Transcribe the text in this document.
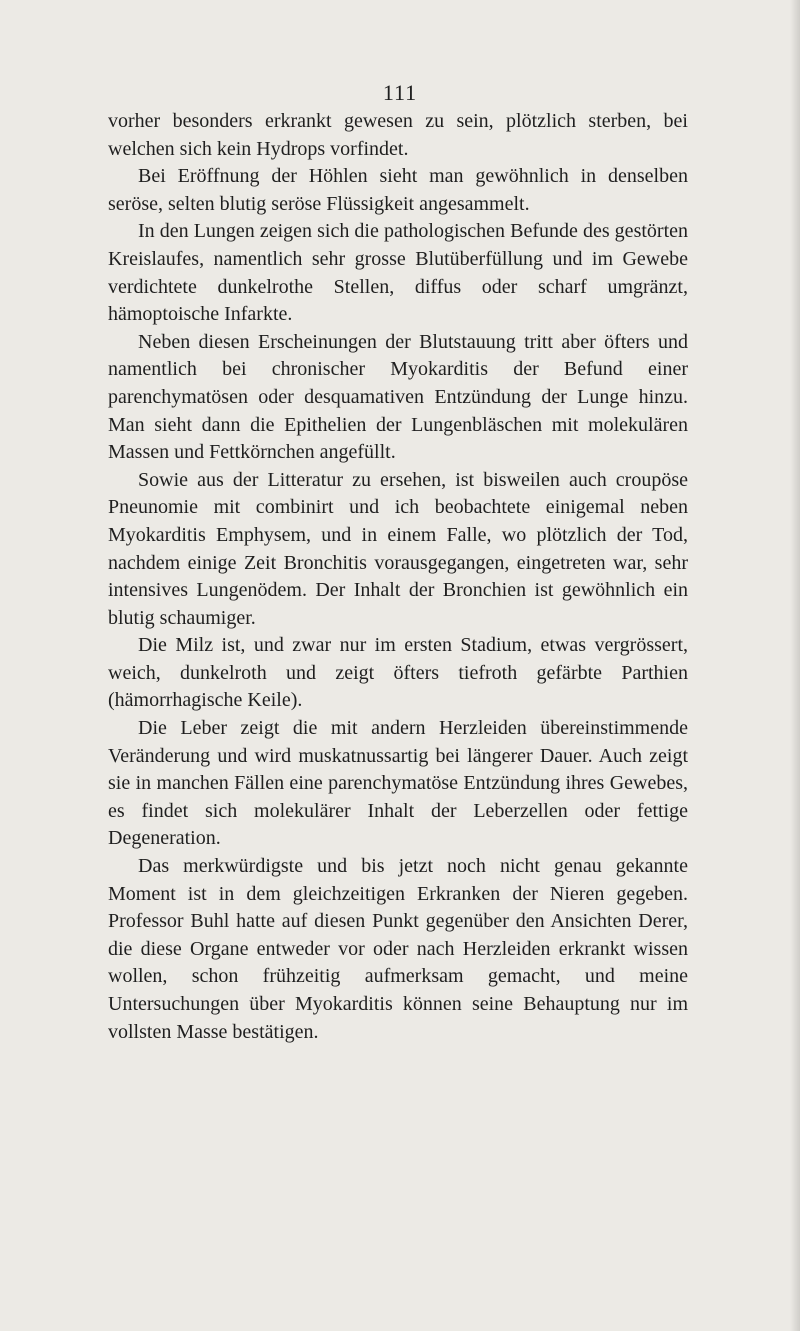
111

vorher besonders erkrankt gewesen zu sein, plötzlich sterben, bei welchen sich kein Hydrops vorfindet.

Bei Eröffnung der Höhlen sieht man gewöhnlich in denselben seröse, selten blutig seröse Flüssigkeit angesammelt.

In den Lungen zeigen sich die pathologischen Befunde des gestörten Kreislaufes, namentlich sehr grosse Blutüberfüllung und im Gewebe verdichtete dunkelrothe Stellen, diffus oder scharf umgränzt, hämoptoische Infarkte.

Neben diesen Erscheinungen der Blutstauung tritt aber öfters und namentlich bei chronischer Myokarditis der Befund einer parenchymatösen oder desquamativen Entzündung der Lunge hinzu. Man sieht dann die Epithelien der Lungenbläschen mit molekulären Massen und Fettkörnchen angefüllt.

Sowie aus der Litteratur zu ersehen, ist bisweilen auch croupöse Pneunomie mit combinirt und ich beobachtete einigemal neben Myokarditis Emphysem, und in einem Falle, wo plötzlich der Tod, nachdem einige Zeit Bronchitis vorausgegangen, eingetreten war, sehr intensives Lungenödem. Der Inhalt der Bronchien ist gewöhnlich ein blutig schaumiger.

Die Milz ist, und zwar nur im ersten Stadium, etwas vergrössert, weich, dunkelroth und zeigt öfters tiefroth gefärbte Parthien (hämorrhagische Keile).

Die Leber zeigt die mit andern Herzleiden übereinstimmende Veränderung und wird muskatnussartig bei längerer Dauer. Auch zeigt sie in manchen Fällen eine parenchymatöse Entzündung ihres Gewebes, es findet sich molekulärer Inhalt der Leberzellen oder fettige Degeneration.

Das merkwürdigste und bis jetzt noch nicht genau gekannte Moment ist in dem gleichzeitigen Erkranken der Nieren gegeben. Professor Buhl hatte auf diesen Punkt gegenüber den Ansichten Derer, die diese Organe entweder vor oder nach Herzleiden erkrankt wissen wollen, schon frühzeitig aufmerksam gemacht, und meine Untersuchungen über Myokarditis können seine Behauptung nur im vollsten Masse bestätigen.
